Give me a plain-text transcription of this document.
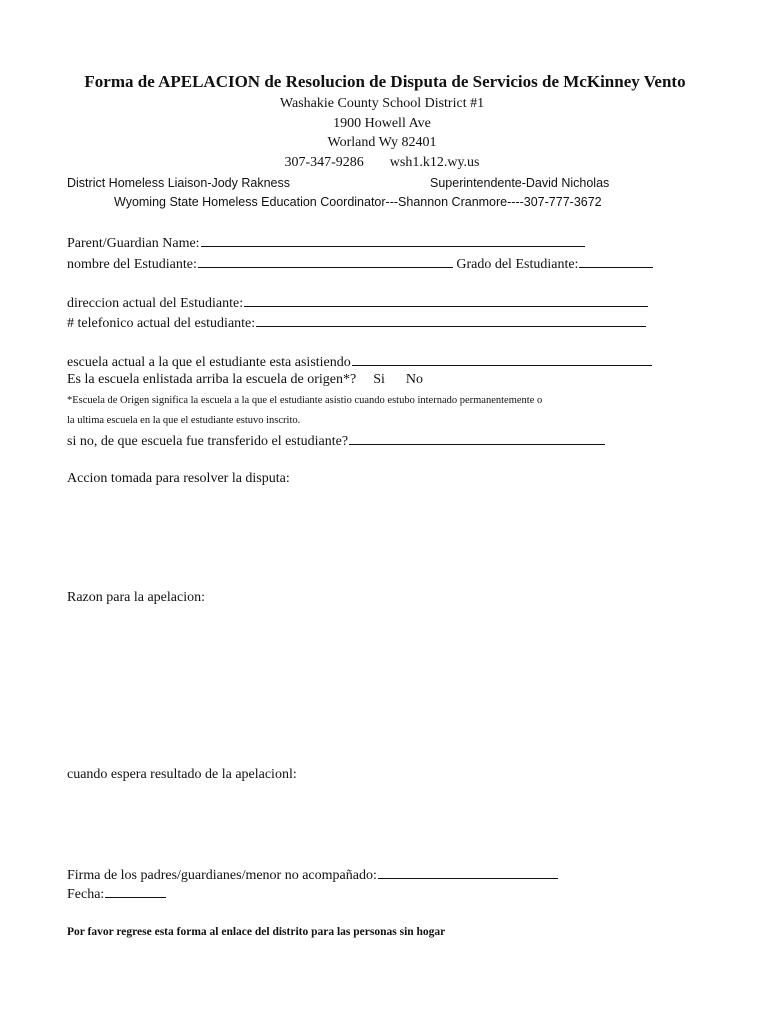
Forma de APELACION de Resolucion de Disputa de Servicios de McKinney Vento
Washakie County School District #1
1900 Howell Ave
Worland Wy 82401
307-347-9286 wsh1.k12.wy.us
District Homeless Liaison-Jody Rakness	Superintendente-David Nicholas
Wyoming State Homeless Education Coordinator---Shannon Cranmore----307-777-3672
Parent/Guardian Name:
nombre del Estudiante:	Grado del Estudiante:
direccion actual del Estudiante:
# telefonico actual del estudiante:
escuela actual a la que el estudiante esta asistiendo
Es la escuela enlistada arriba la escuela de origen*? Si No
*Escuela de Origen significa la escuela a la que el estudiante asistio cuando estubo internado permanentemente o
la ultima escuela en la que el estudiante estuvo inscrito.
si no, de que escuela fue transferido el estudiante?
Accion tomada para resolver la disputa:
Razon para la apelacion:
cuando espera resultado de la apelacionl:
Firma de los padres/guardianes/menor no acompañado:
Fecha:
Por favor regrese esta forma al enlace del distrito para las personas sin hogar
